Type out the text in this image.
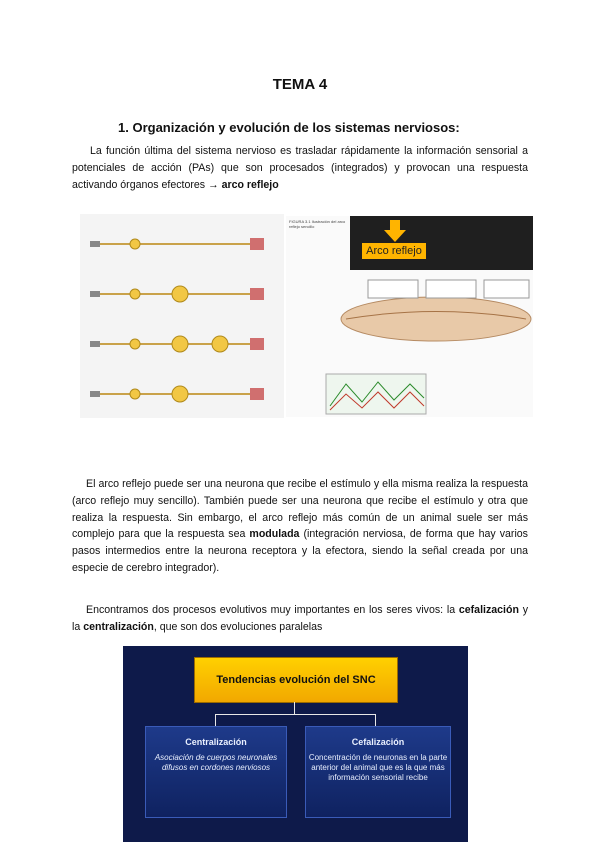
TEMA 4
1. Organización y evolución de los sistemas nerviosos:
La función última del sistema nervioso es trasladar rápidamente la información sensorial a potenciales de acción (PAs) que son procesados (integrados) y provocan una respuesta activando órganos efectores → arco reflejo
FIGURA 3.1 Ilustración del arco reflejo sencillo
Arco reflejo
El arco reflejo puede ser una neurona que recibe el estímulo y ella misma realiza la respuesta (arco reflejo muy sencillo). También puede ser una neurona que recibe el estímulo y otra que realiza la respuesta. Sin embargo, el arco reflejo más común de un animal suele ser más complejo para que la respuesta sea modulada (integración nerviosa, de forma que hay varios pasos intermedios entre la neurona receptora y la efectora, siendo la señal creada por una especie de cerebro integrador).
Encontramos dos procesos evolutivos muy importantes en los seres vivos: la cefalización y la centralización, que son dos evoluciones paralelas
Tendencias evolución del SNC
Centralización
Asociación de cuerpos neuronales difusos en cordones nerviosos
Cefalización
Concentración de neuronas en la parte anterior del animal que es la que más información sensorial recibe
